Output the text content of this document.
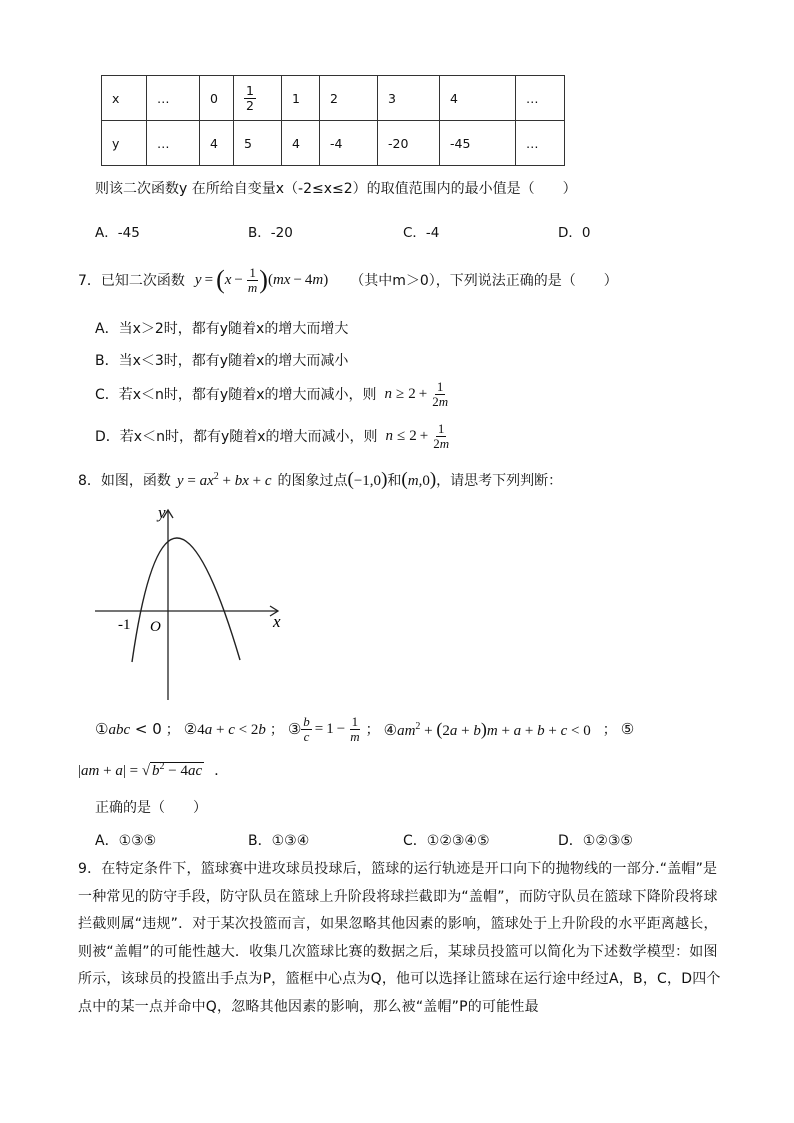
x	…	0	$\frac{1}{2}$	1	2	3	4	…
y	…	4	5	4	-4	-20	-45	…
则该二次函数y 在所给自变量x（-2≤x≤2）的取值范围内的最小值是（　　）
A．-45	B．-20	C．-4	D．0
7．已知二次函数 y = ( $x - \frac{1}{m}$ ) ( mx − 4 m ) （其中m＞0），下列说法正确的是（　　）
A．当x＞2时，都有y随着x的增大而增大
B．当x＜3时，都有y随着x的增大而减小
C．若x＜n时，都有y随着x的增大而减小，则 $n \ge 2 + \frac{1}{2m}$
D．若x＜n时，都有y随着x的增大而减小，则 $n \le 2 + \frac{1}{2m}$
8．如图，函数 $y = ax^2$ + bx + c 的图象过点 (−1,0) 和 (m,0) ，请思考下列判断：
y
x
O
-1
①abc < 0 ； ②4a + c < 2b ； ③ $\frac{b}{c} = 1 - \frac{1}{m}$ ； $④am^2 + (2a + b)m + a + b + c < 0$ ； ⑤
|am + a| = √ $b^2 - 4ac$ ．
正确的是（　　）
A．①③⑤	B．①③④	C．①②③④⑤	D．①②③⑤
9．在特定条件下，篮球赛中进攻球员投球后，篮球的运行轨迹是开口向下的抛物线的一部分.“盖帽”是一种常见的防守手段，防守队员在篮球上升阶段将球拦截即为“盖帽”，而防守队员在篮球下降阶段将球拦截则属“违规”．对于某次投篮而言，如果忽略其他因素的影响，篮球处于上升阶段的水平距离越长，则被“盖帽”的可能性越大．收集几次篮球比赛的数据之后，某球员投篮可以简化为下述数学模型：如图所示，该球员的投篮出手点为P，篮框中心点为Q，他可以选择让篮球在运行途中经过A，B，C，D四个点中的某一点并命中Q，忽略其他因素的影响，那么被“盖帽”P的可能性最
